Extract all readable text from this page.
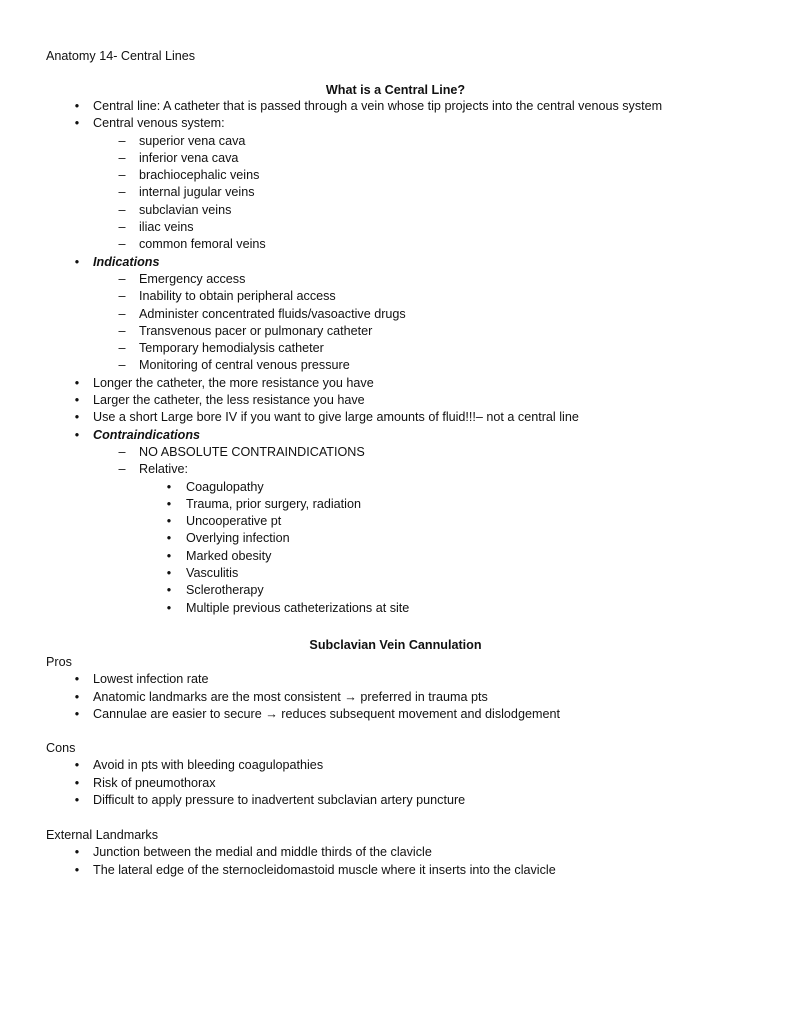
Anatomy 14- Central Lines
What is a Central Line?
•	Central line: A catheter that is passed through a vein whose tip projects into the central venous system
•	Central venous system:
–	superior vena cava
–	inferior vena cava
–	brachiocephalic veins
–	internal jugular veins
–	subclavian veins
–	iliac veins
–	common femoral veins
•	Indications
–	Emergency access
–	Inability to obtain peripheral access
–	Administer concentrated fluids/vasoactive drugs
–	Transvenous pacer or pulmonary catheter
–	Temporary hemodialysis catheter
–	Monitoring of central venous pressure
•	Longer the catheter, the more resistance you have
•	Larger the catheter, the less resistance you have
•	Use a short Large bore IV if you want to give large amounts of fluid!!!– not a central line
•	Contraindications
–	NO ABSOLUTE CONTRAINDICATIONS
–	Relative:
•	Coagulopathy
•	Trauma, prior surgery, radiation
•	Uncooperative pt
•	Overlying infection
•	Marked obesity
•	Vasculitis
•	Sclerotherapy
•	Multiple previous catheterizations at site
Subclavian Vein Cannulation
Pros
•	Lowest infection rate
•	Anatomic landmarks are the most consistent → preferred in trauma pts
•	Cannulae are easier to secure → reduces subsequent movement and dislodgement
Cons
•	Avoid in pts with bleeding coagulopathies
•	Risk of pneumothorax
•	Difficult to apply pressure to inadvertent subclavian artery puncture
External Landmarks
•	Junction between the medial and middle thirds of the clavicle
•	The lateral edge of the sternocleidomastoid muscle where it inserts into the clavicle
